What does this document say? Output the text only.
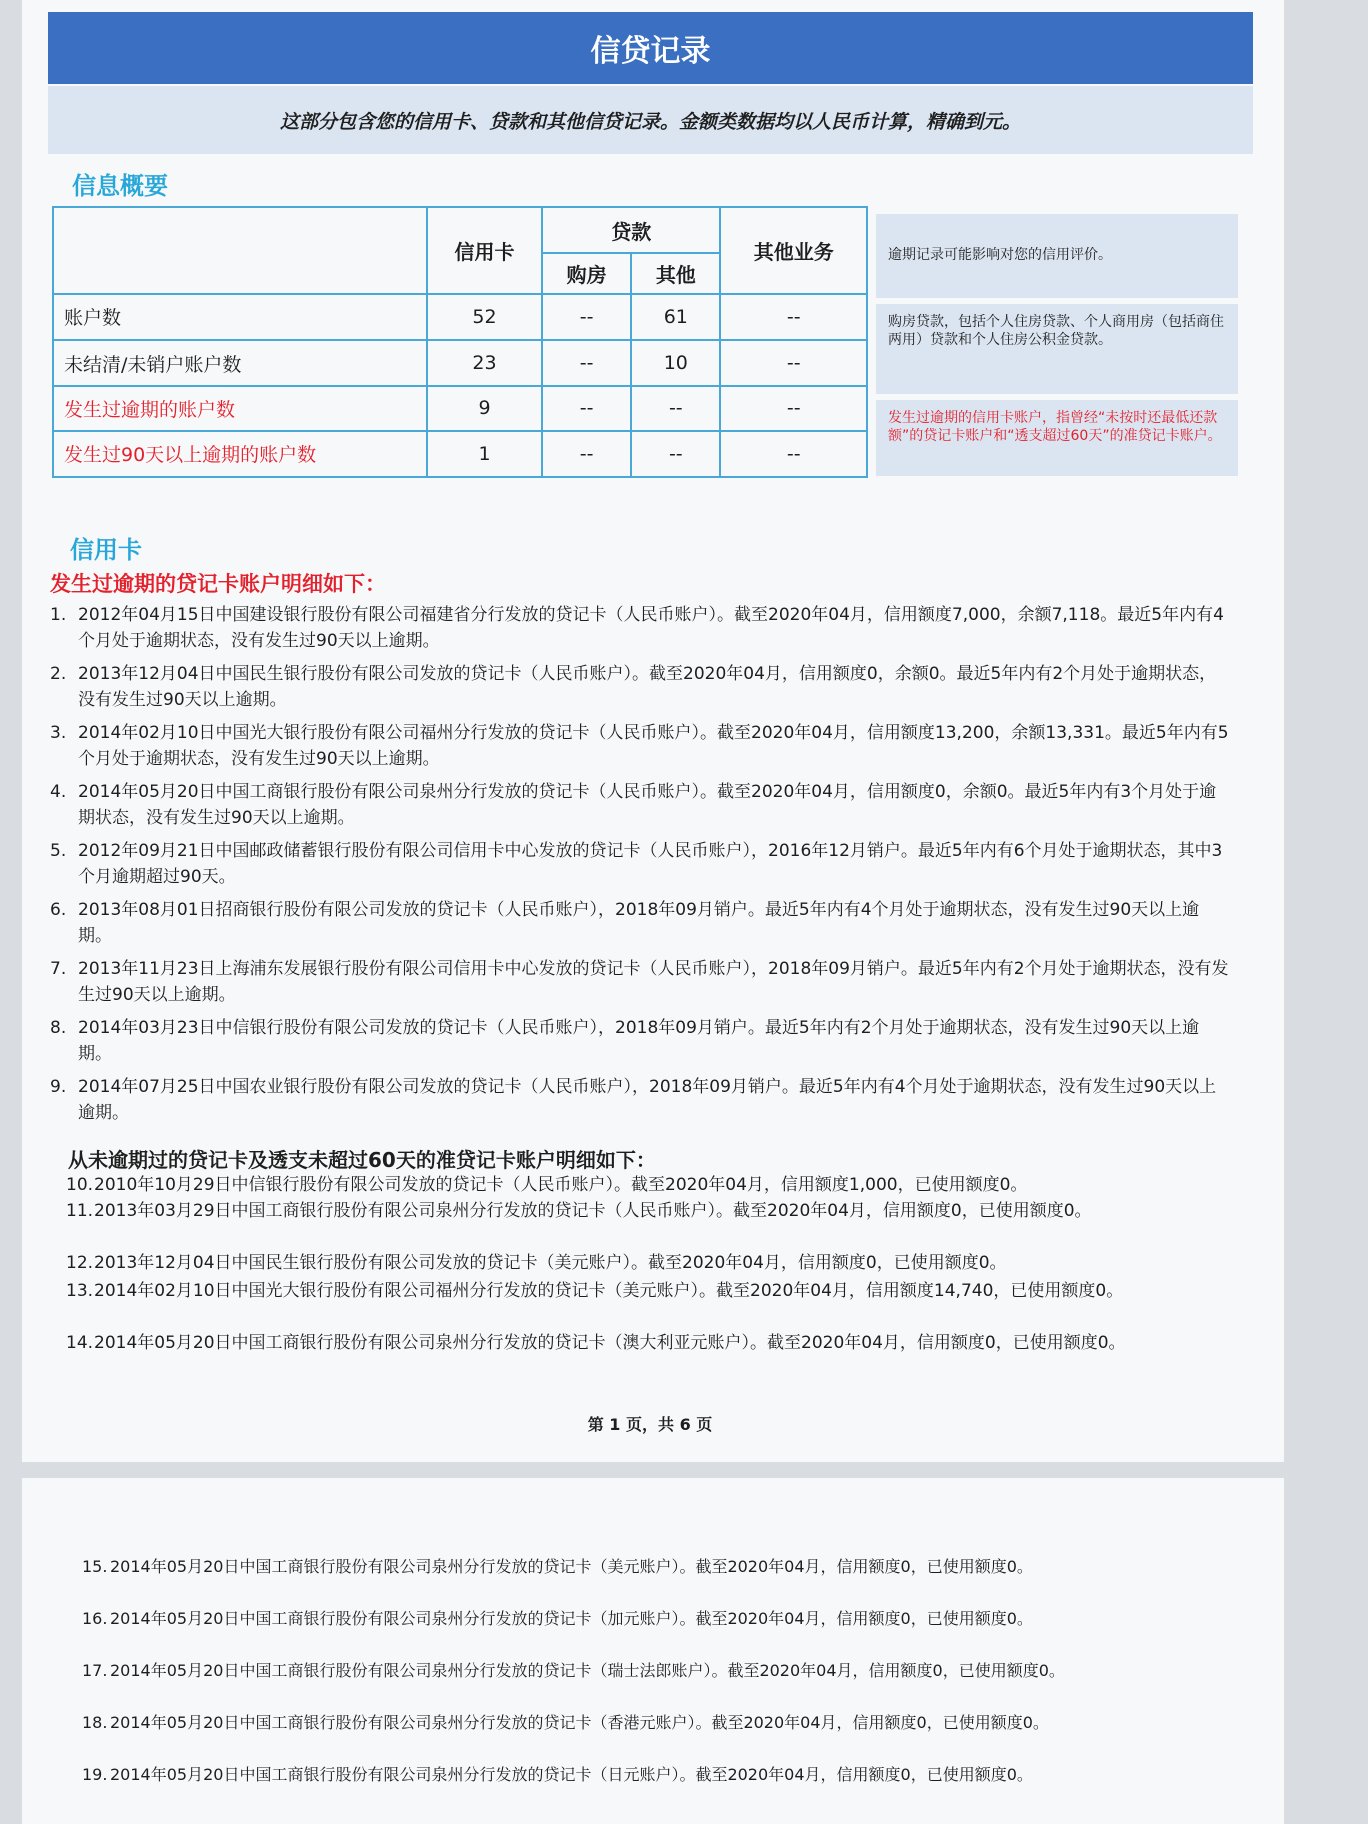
信贷记录
这部分包含您的信用卡、贷款和其他信贷记录。金额类数据均以人民币计算，精确到元。
信息概要
	信用卡	贷款		其他业务
		购房	其他	
账户数	52	--	61	--
未结清/未销户账户数	23	--	10	--
发生过逾期的账户数	9	--	--	--
发生过90天以上逾期的账户数	1	--	--	--
逾期记录可能影响对您的信用评价。
购房贷款，包括个人住房贷款、个人商用房（包括商住两用）贷款和个人住房公积金贷款。
发生过逾期的信用卡账户，指曾经“未按时还最低还款额”的贷记卡账户和“透支超过60天”的准贷记卡账户。
信用卡
发生过逾期的贷记卡账户明细如下：
1. 2012年04月15日中国建设银行股份有限公司福建省分行发放的贷记卡（人民币账户）。截至2020年04月，信用额度7,000，余额7,118。最近5年内有4个月处于逾期状态，没有发生过90天以上逾期。
2. 2013年12月04日中国民生银行股份有限公司发放的贷记卡（人民币账户）。截至2020年04月，信用额度0，余额0。最近5年内有2个月处于逾期状态，没有发生过90天以上逾期。
3. 2014年02月10日中国光大银行股份有限公司福州分行发放的贷记卡（人民币账户）。截至2020年04月，信用额度13,200，余额13,331。最近5年内有5个月处于逾期状态，没有发生过90天以上逾期。
4. 2014年05月20日中国工商银行股份有限公司泉州分行发放的贷记卡（人民币账户）。截至2020年04月，信用额度0，余额0。最近5年内有3个月处于逾期状态，没有发生过90天以上逾期。
5. 2012年09月21日中国邮政储蓄银行股份有限公司信用卡中心发放的贷记卡（人民币账户），2016年12月销户。最近5年内有6个月处于逾期状态，其中3个月逾期超过90天。
6. 2013年08月01日招商银行股份有限公司发放的贷记卡（人民币账户），2018年09月销户。最近5年内有4个月处于逾期状态，没有发生过90天以上逾期。
7. 2013年11月23日上海浦东发展银行股份有限公司信用卡中心发放的贷记卡（人民币账户），2018年09月销户。最近5年内有2个月处于逾期状态，没有发生过90天以上逾期。
8. 2014年03月23日中信银行股份有限公司发放的贷记卡（人民币账户），2018年09月销户。最近5年内有2个月处于逾期状态，没有发生过90天以上逾期。
9. 2014年07月25日中国农业银行股份有限公司发放的贷记卡（人民币账户），2018年09月销户。最近5年内有4个月处于逾期状态，没有发生过90天以上逾期。
从未逾期过的贷记卡及透支未超过60天的准贷记卡账户明细如下：
10. 2010年10月29日中信银行股份有限公司发放的贷记卡（人民币账户）。截至2020年04月，信用额度1,000，已使用额度0。
11. 2013年03月29日中国工商银行股份有限公司泉州分行发放的贷记卡（人民币账户）。截至2020年04月，信用额度0，已使用额度0。
12. 2013年12月04日中国民生银行股份有限公司发放的贷记卡（美元账户）。截至2020年04月，信用额度0，已使用额度0。
13. 2014年02月10日中国光大银行股份有限公司福州分行发放的贷记卡（美元账户）。截至2020年04月，信用额度14,740，已使用额度0。
14. 2014年05月20日中国工商银行股份有限公司泉州分行发放的贷记卡（澳大利亚元账户）。截至2020年04月，信用额度0，已使用额度0。
第 1 页，共 6 页
15. 2014年05月20日中国工商银行股份有限公司泉州分行发放的贷记卡（美元账户）。截至2020年04月，信用额度0，已使用额度0。
16. 2014年05月20日中国工商银行股份有限公司泉州分行发放的贷记卡（加元账户）。截至2020年04月，信用额度0，已使用额度0。
17. 2014年05月20日中国工商银行股份有限公司泉州分行发放的贷记卡（瑞士法郎账户）。截至2020年04月，信用额度0，已使用额度0。
18. 2014年05月20日中国工商银行股份有限公司泉州分行发放的贷记卡（香港元账户）。截至2020年04月，信用额度0，已使用额度0。
19. 2014年05月20日中国工商银行股份有限公司泉州分行发放的贷记卡（日元账户）。截至2020年04月，信用额度0，已使用额度0。
